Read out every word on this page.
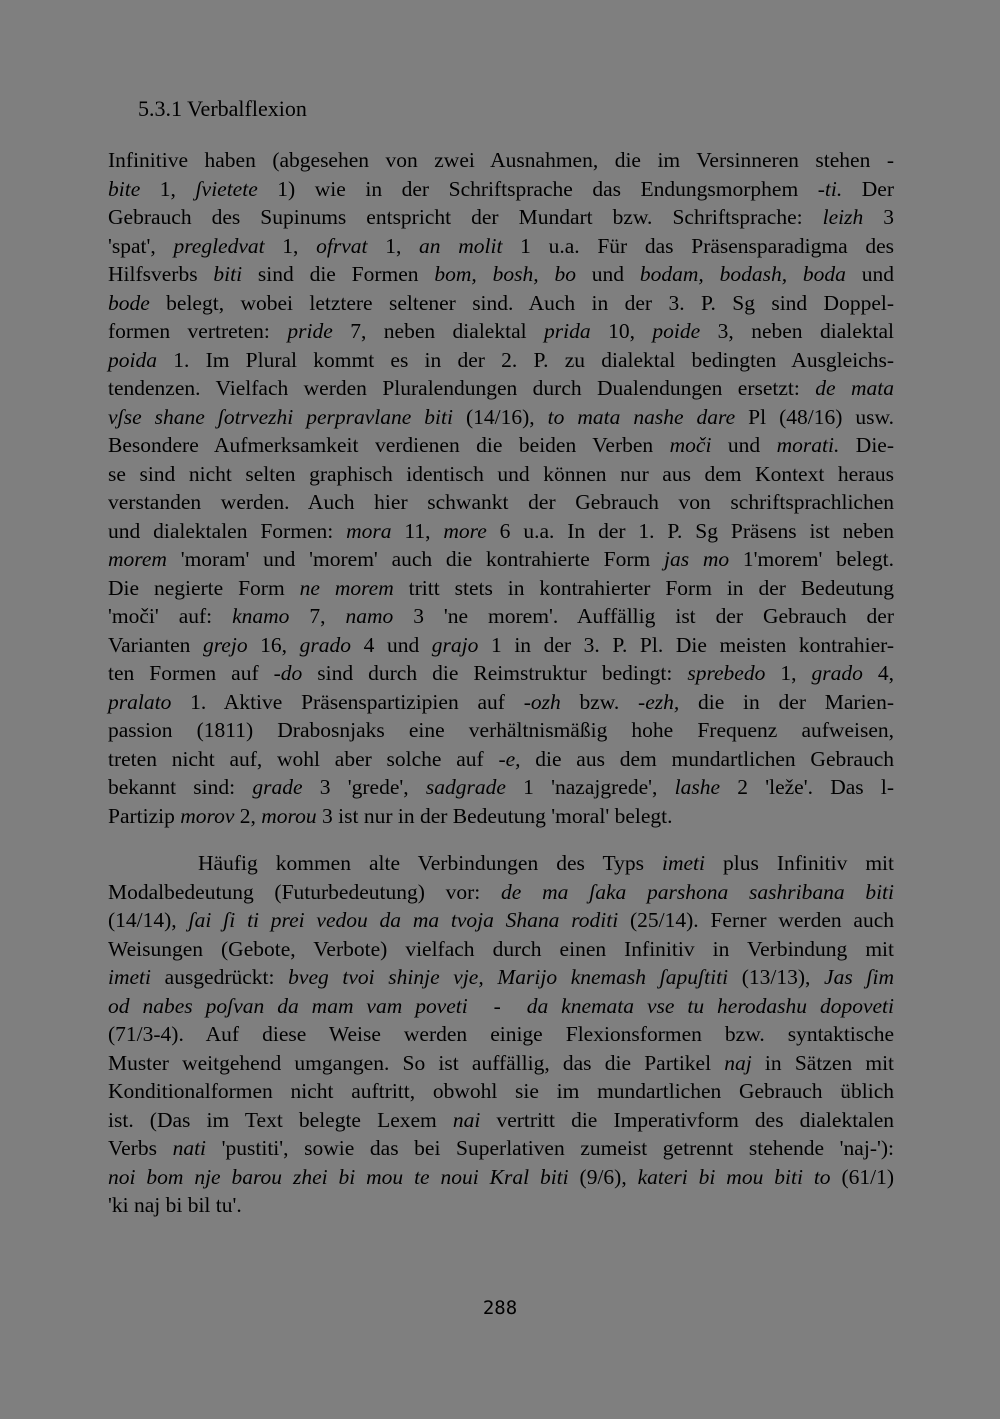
5.3.1 Verbalflexion
Infinitive haben (abgesehen von zwei Ausnahmen, die im Versinneren stehen -
bite 1, ʃvietete 1) wie in der Schriftsprache das Endungsmorphem -ti. Der
Gebrauch des Supinums entspricht der Mundart bzw. Schriftsprache: leizh 3
'spat', pregledvat 1, ofrvat 1, an molit 1 u.a. Für das Präsensparadigma des
Hilfsverbs biti sind die Formen bom, bosh, bo und bodam, bodash, boda und
bode belegt, wobei letztere seltener sind. Auch in der 3. P. Sg sind Doppel-
formen vertreten: pride 7, neben dialektal prida 10, poide 3, neben dialektal
poida 1. Im Plural kommt es in der 2. P. zu dialektal bedingten Ausgleichs-
tendenzen. Vielfach werden Pluralendungen durch Dualendungen ersetzt: de mata
vʃse shane ʃotrvezhi perpravlane biti (14/16), to mata nashe dare Pl (48/16) usw.
Besondere Aufmerksamkeit verdienen die beiden Verben moči und morati. Die-
se sind nicht selten graphisch identisch und können nur aus dem Kontext heraus
verstanden werden. Auch hier schwankt der Gebrauch von schriftsprachlichen
und dialektalen Formen: mora 11, more 6 u.a. In der 1. P. Sg Präsens ist neben
morem 'moram' und 'morem' auch die kontrahierte Form jas mo 1'morem' belegt.
Die negierte Form ne morem tritt stets in kontrahierter Form in der Bedeutung
'moči' auf: knamo 7, namo 3 'ne morem'. Auffällig ist der Gebrauch der
Varianten grejo 16, grado 4 und grajo 1 in der 3. P. Pl. Die meisten kontrahier-
ten Formen auf -do sind durch die Reimstruktur bedingt: sprebedo 1, grado 4,
pralato 1. Aktive Präsenspartizipien auf -ozh bzw. -ezh, die in der Marien-
passion (1811) Drabosnjaks eine verhältnismäßig hohe Frequenz aufweisen,
treten nicht auf, wohl aber solche auf -e, die aus dem mundartlichen Gebrauch
bekannt sind: grade 3 'grede', sadgrade 1 'nazajgrede', lashe 2 'leže'. Das l-
Partizip morov 2, morou 3 ist nur in der Bedeutung 'moral' belegt.
Häufig kommen alte Verbindungen des Typs imeti plus Infinitiv mit
Modalbedeutung (Futurbedeutung) vor: de ma ʃaka parshona sashribana biti
(14/14), ʃai ʃi ti prei vedou da ma tvoja Shana roditi (25/14). Ferner werden auch
Weisungen (Gebote, Verbote) vielfach durch einen Infinitiv in Verbindung mit
imeti ausgedrückt: bveg tvoi shinje vje, Marijo knemash ʃapuʃtiti (13/13), Jas ʃim
od nabes poʃvan da mam vam poveti  -  da knemata vse tu herodashu dopoveti
(71/3-4). Auf diese Weise werden einige Flexionsformen bzw. syntaktische
Muster weitgehend umgangen. So ist auffällig, das die Partikel naj in Sätzen mit
Konditionalformen nicht auftritt, obwohl sie im mundartlichen Gebrauch üblich
ist. (Das im Text belegte Lexem nai vertritt die Imperativform des dialektalen
Verbs nati 'pustiti', sowie das bei Superlativen zumeist getrennt stehende 'naj-'):
noi bom nje barou zhei bi mou te noui Kral biti (9/6), kateri bi mou biti to (61/1)
'ki naj bi bil tu'.
288
